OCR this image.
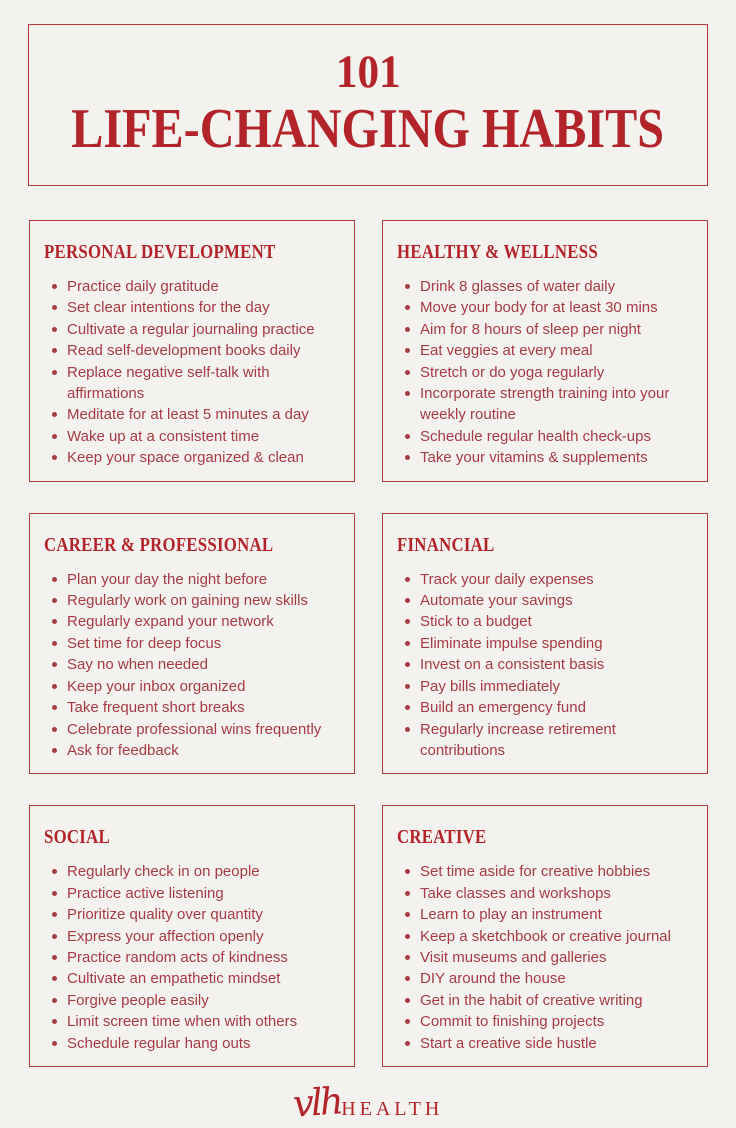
101
LIFE-CHANGING HABITS
PERSONAL DEVELOPMENT
Practice daily gratitude
Set clear intentions for the day
Cultivate a regular journaling practice
Read self-development books daily
Replace negative self-talk with affirmations
Meditate for at least 5 minutes a day
Wake up at a consistent time
Keep your space organized & clean
HEALTHY & WELLNESS
Drink 8 glasses of water daily
Move your body for at least 30 mins
Aim for 8 hours of sleep per night
Eat veggies at every meal
Stretch or do yoga regularly
Incorporate strength training into your weekly routine
Schedule regular health check-ups
Take your vitamins & supplements
CAREER & PROFESSIONAL
Plan your day the night before
Regularly work on gaining new skills
Regularly expand your network
Set time for deep focus
Say no when needed
Keep your inbox organized
Take frequent short breaks
Celebrate professional wins frequently
Ask for feedback
FINANCIAL
Track your daily expenses
Automate your savings
Stick to a budget
Eliminate impulse spending
Invest on a consistent basis
Pay bills immediately
Build an emergency fund
Regularly increase retirement contributions
SOCIAL
Regularly check in on people
Practice active listening
Prioritize quality over quantity
Express your affection openly
Practice random acts of kindness
Cultivate an empathetic mindset
Forgive people easily
Limit screen time when with others
Schedule regular hang outs
CREATIVE
Set time aside for creative hobbies
Take classes and workshops
Learn to play an instrument
Keep a sketchbook or creative journal
Visit museums and galleries
DIY around the house
Get in the habit of creative writing
Commit to finishing projects
Start a creative side hustle
vlh HEALTH
